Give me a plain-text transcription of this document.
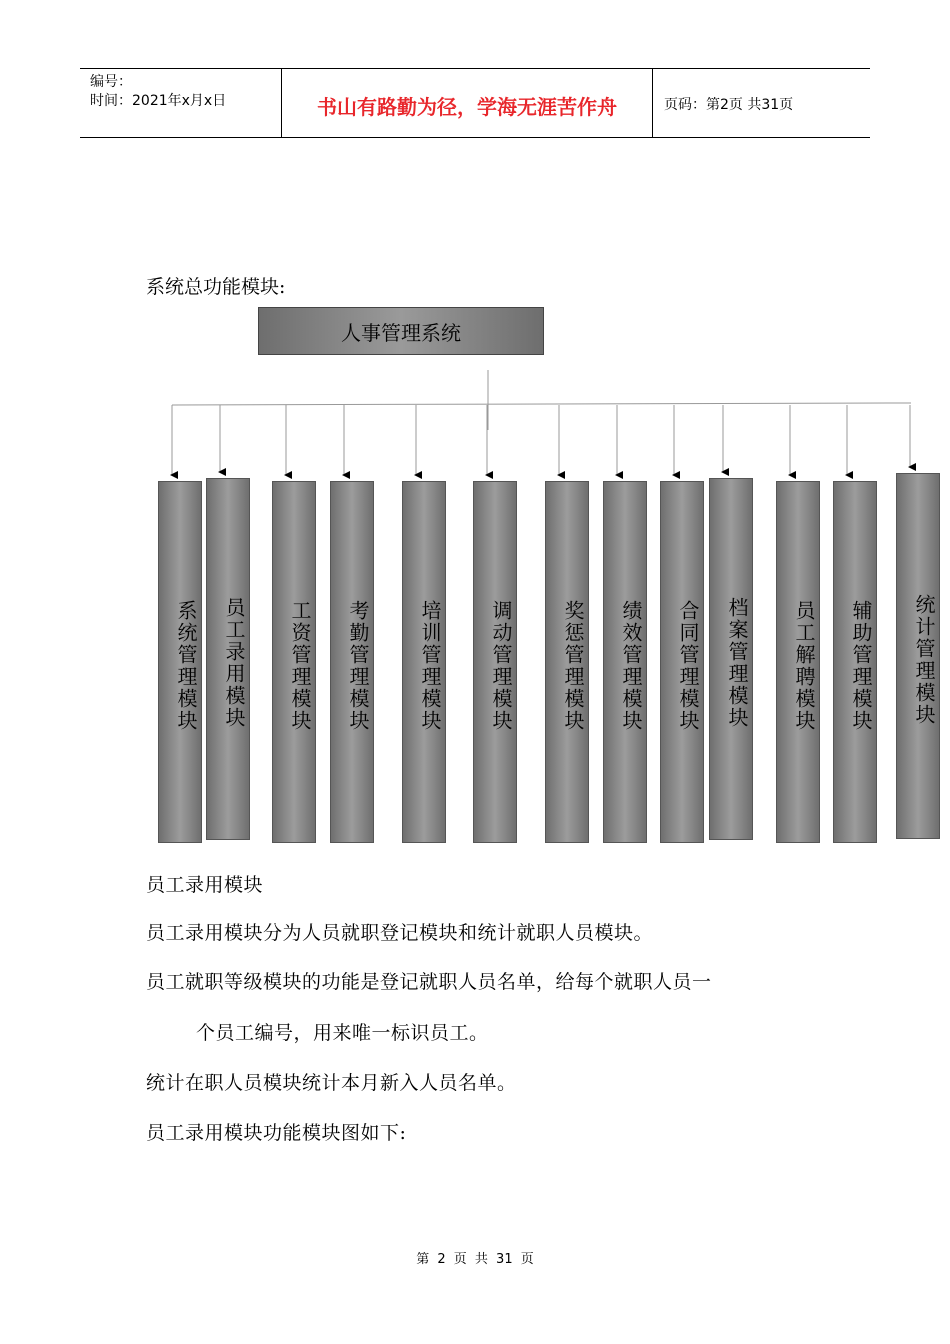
编号：
时间：2021年x月x日	书山有路勤为径，学海无涯苦作舟	页码：第2页 共31页
系统总功能模块:
人事管理系统
系统管理模块	员工录用模块	工资管理模块	考勤管理模块	培训管理模块	调动管理模块	奖惩管理模块	绩效管理模块	合同管理模块	档案管理模块	员工解聘模块	辅助管理模块	统计管理模块
员工录用模块
员工录用模块分为人员就职登记模块和统计就职人员模块。
员工就职等级模块的功能是登记就职人员名单，给每个就职人员一
个员工编号，用来唯一标识员工。
统计在职人员模块统计本月新入人员名单。
员工录用模块功能模块图如下:
第 2 页 共 31 页
